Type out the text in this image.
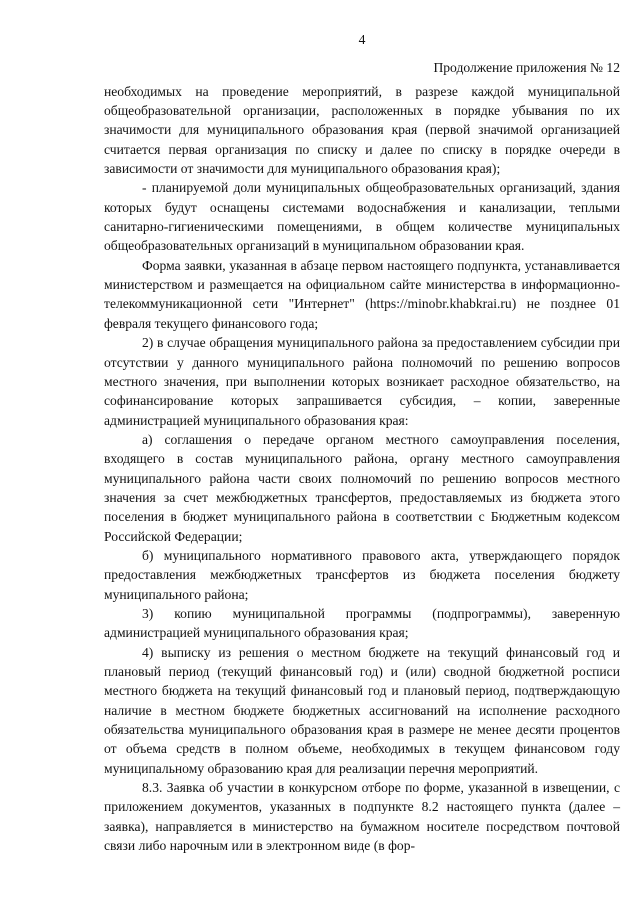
4
Продолжение приложения № 12

необходимых на проведение мероприятий, в разрезе каждой муниципальной общеобразовательной организации, расположенных в порядке убывания по их значимости для муниципального образования края (первой значимой организацией считается первая организация по списку и далее по списку в порядке очереди в зависимости от значимости для муниципального образования края);

- планируемой доли муниципальных общеобразовательных организаций, здания которых будут оснащены системами водоснабжения и канализации, теплыми санитарно-гигиеническими помещениями, в общем количестве муниципальных общеобразовательных организаций в муниципальном образовании края.

Форма заявки, указанная в абзаце первом настоящего подпункта, устанавливается министерством и размещается на официальном сайте министерства в информационно-телекоммуникационной сети "Интернет" (https://minobr.khabkrai.ru) не позднее 01 февраля текущего финансового года;

2) в случае обращения муниципального района за предоставлением субсидии при отсутствии у данного муниципального района полномочий по решению вопросов местного значения, при выполнении которых возникает расходное обязательство, на софинансирование которых запрашивается субсидия, – копии, заверенные администрацией муниципального образования края:

а) соглашения о передаче органом местного самоуправления поселения, входящего в состав муниципального района, органу местного самоуправления муниципального района части своих полномочий по решению вопросов местного значения за счет межбюджетных трансфертов, предоставляемых из бюджета этого поселения в бюджет муниципального района в соответствии с Бюджетным кодексом Российской Федерации;

б) муниципального нормативного правового акта, утверждающего порядок предоставления межбюджетных трансфертов из бюджета поселения бюджету муниципального района;

3) копию муниципальной программы (подпрограммы), заверенную администрацией муниципального образования края;

4) выписку из решения о местном бюджете на текущий финансовый год и плановый период (текущий финансовый год) и (или) сводной бюджетной росписи местного бюджета на текущий финансовый год и плановый период, подтверждающую наличие в местном бюджете бюджетных ассигнований на исполнение расходного обязательства муниципального образования края в размере не менее десяти процентов от объема средств в полном объеме, необходимых в текущем финансовом году муниципальному образованию края для реализации перечня мероприятий.

8.3. Заявка об участии в конкурсном отборе по форме, указанной в извещении, с приложением документов, указанных в подпункте 8.2 настоящего пункта (далее – заявка), направляется в министерство на бумажном носителе посредством почтовой связи либо нарочным или в электронном виде (в фор-
